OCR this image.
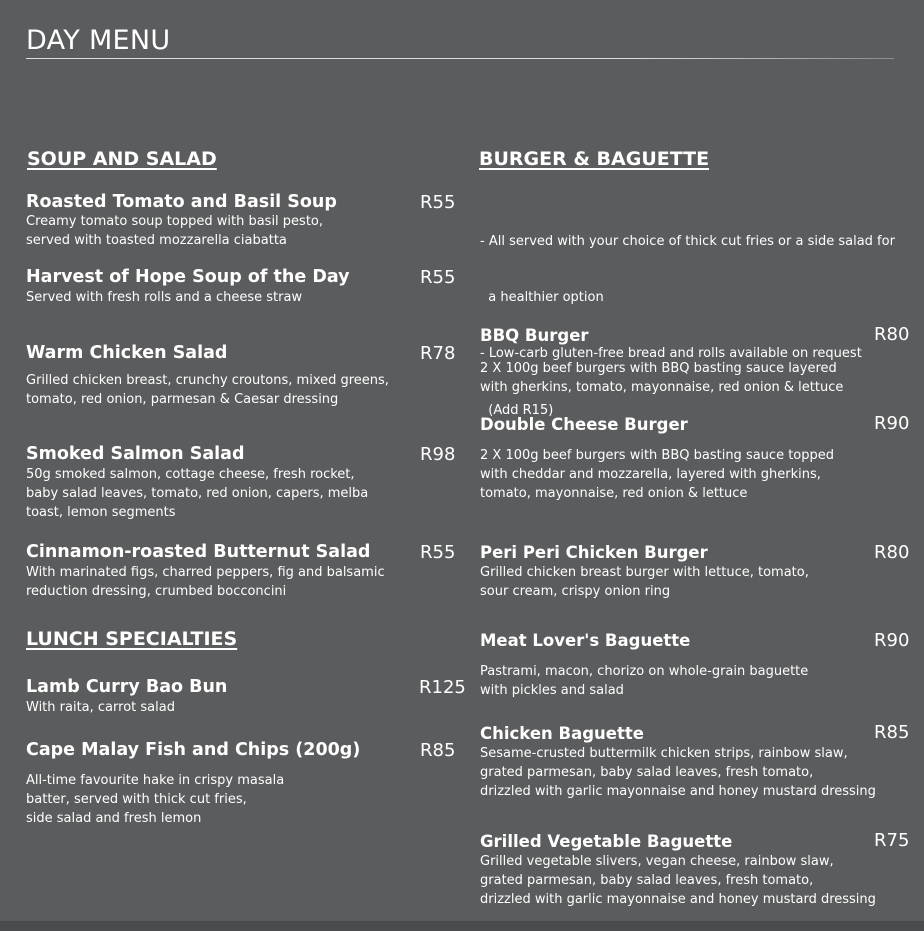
DAY MENU
SOUP AND SALAD
Roasted Tomato and Basil Soup	R55
Creamy tomato soup topped with basil pesto,
served with toasted mozzarella ciabatta
Harvest of Hope Soup of the Day	R55
Served with fresh rolls and a cheese straw
Warm Chicken Salad	R78
Grilled chicken breast, crunchy croutons, mixed greens,
tomato, red onion, parmesan & Caesar dressing
Smoked Salmon Salad	R98
50g smoked salmon, cottage cheese, fresh rocket,
baby salad leaves, tomato, red onion, capers, melba
toast, lemon segments
Cinnamon-roasted Butternut Salad	R55
With marinated figs, charred peppers, fig and balsamic
reduction dressing, crumbed bocconcini
LUNCH SPECIALTIES
Lamb Curry Bao Bun	R125
With raita, carrot salad
Cape Malay Fish and Chips (200g)	R85
All-time favourite hake in crispy masala
batter, served with thick cut fries,
side salad and fresh lemon
BURGER & BAGUETTE

- All served with your choice of thick cut fries or a side salad for

a healthier option

- Low-carb gluten-free bread and rolls available on request

(Add R15)

BBQ Burger	R80
2 X 100g beef burgers with BBQ basting sauce layered
with gherkins, tomato, mayonnaise, red onion & lettuce
Double Cheese Burger	R90
2 X 100g beef burgers with BBQ basting sauce topped
with cheddar and mozzarella, layered with gherkins,
tomato, mayonnaise, red onion & lettuce
Peri Peri Chicken Burger	R80
Grilled chicken breast burger with lettuce, tomato,
sour cream, crispy onion ring
Meat Lover's Baguette	R90
Pastrami, macon, chorizo on whole-grain baguette
with pickles and salad
Chicken Baguette	R85
Sesame-crusted buttermilk chicken strips, rainbow slaw,
grated parmesan, baby salad leaves, fresh tomato,
drizzled with garlic mayonnaise and honey mustard dressing
Grilled Vegetable Baguette	R75
Grilled vegetable slivers, vegan cheese, rainbow slaw,
grated parmesan, baby salad leaves, fresh tomato,
drizzled with garlic mayonnaise and honey mustard dressing
